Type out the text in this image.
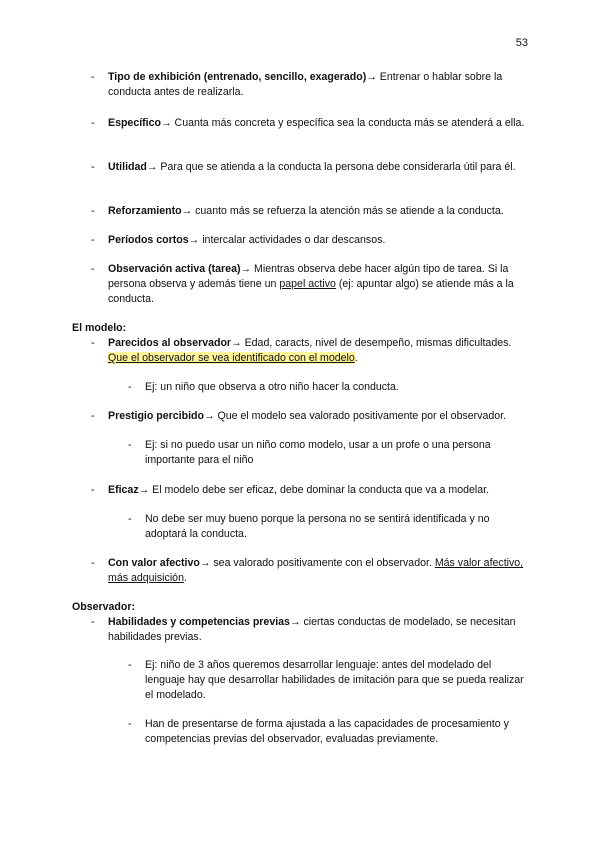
53
- Tipo de exhibición (entrenado, sencillo, exagerado)→ Entrenar o hablar sobre la conducta antes de realizarla.
- Específico→ Cuanta más concreta y específica sea la conducta más se atenderá a ella.
- Utilidad→ Para que se atienda a la conducta la persona debe considerarla útil para él.
- Reforzamiento→ cuanto más se refuerza la atención más se atiende a la conducta.
- Períodos cortos→ intercalar actividades o dar descansos.
- Observación activa (tarea)→ Mientras observa debe hacer algún tipo de tarea. Si la persona observa y además tiene un papel activo (ej: apuntar algo) se atiende más a la conducta.
El modelo:
- Parecidos al observador→ Edad, caracts, nivel de desempeño, mismas dificultades. Que el observador se vea identificado con el modelo.
- Ej: un niño que observa a otro niño hacer la conducta.
- Prestigio percibido→ Que el modelo sea valorado positivamente por el observador.
- Ej: si no puedo usar un niño como modelo, usar a un profe o una persona importante para el niño
- Eficaz→ El modelo debe ser eficaz, debe dominar la conducta que va a modelar.
- No debe ser muy bueno porque la persona no se sentirá identificada y no adoptará la conducta.
- Con valor afectivo→ sea valorado positivamente con el observador. Más valor afectivo, más adquisición.
Observador:
- Habilidades y competencias previas→ ciertas conductas de modelado, se necesitan habilidades previas.
- Ej: niño de 3 años queremos desarrollar lenguaje: antes del modelado del lenguaje hay que desarrollar habilidades de imitación para que se pueda realizar el modelado.
- Han de presentarse de forma ajustada a las capacidades de procesamiento y competencias previas del observador, evaluadas previamente.
